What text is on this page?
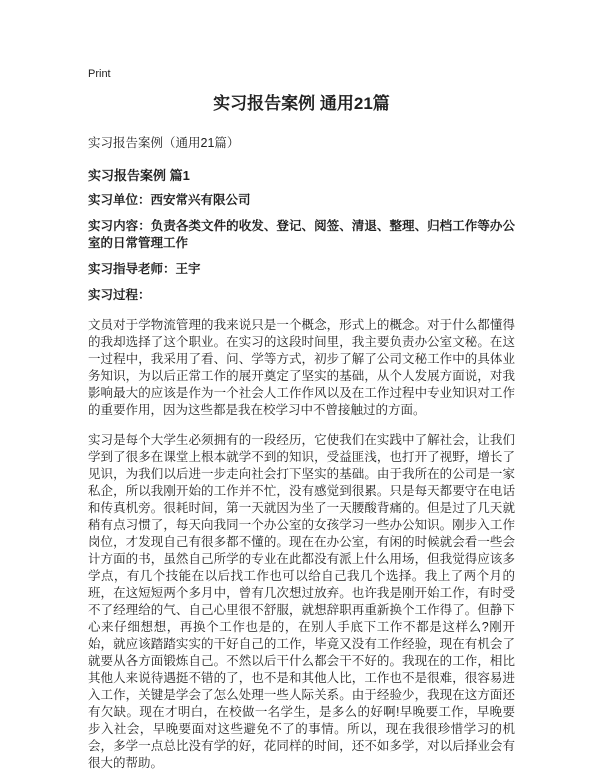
Print
实习报告案例 通用21篇

实习报告案例（通用21篇）

实习报告案例 篇1

实习单位：西安常兴有限公司

实习内容：负责各类文件的收发、登记、阅签、清退、整理、归档工作等办公室的日常管理工作

实习指导老师：王宇

实习过程：

文员对于学物流管理的我来说只是一个概念，形式上的概念。对于什么都懂得的我却选择了这个职业。在实习的这段时间里，我主要负责办公室文秘。在这一过程中，我采用了看、问、学等方式，初步了解了公司文秘工作中的具体业务知识，为以后正常工作的展开奠定了坚实的基础，从个人发展方面说，对我影响最大的应该是作为一个社会人工作作风以及在工作过程中专业知识对工作的重要作用，因为这些都是我在校学习中不曾接触过的方面。

实习是每个大学生必须拥有的一段经历，它使我们在实践中了解社会，让我们学到了很多在课堂上根本就学不到的知识，受益匪浅，也打开了视野，增长了见识，为我们以后进一步走向社会打下坚实的基础。由于我所在的公司是一家私企，所以我刚开始的工作并不忙，没有感觉到很累。只是每天都要守在电话和传真机旁。很耗时间，第一天就因为坐了一天腰酸背痛的。但是过了几天就稍有点习惯了，每天向我同一个办公室的女孩学习一些办公知识。刚步入工作岗位，才发现自己有很多都不懂的。现在在办公室，有闲的时候就会看一些会计方面的书，虽然自己所学的专业在此都没有派上什么用场，但我觉得应该多学点，有几个技能在以后找工作也可以给自己我几个选择。我上了两个月的班，在这短短两个多月中，曾有几次想过放弃。也许我是刚开始工作，有时受不了经理给的气、自己心里很不舒服，就想辞职再重新换个工作得了。但静下心来仔细想想，再换个工作也是的，在别人手底下工作不都是这样么?刚开始，就应该踏踏实实的干好自己的工作，毕竟又没有工作经验，现在有机会了就要从各方面锻炼自己。不然以后干什么都会干不好的。我现在的工作，相比其他人来说待遇挺不错的了，也不是和其他人比，工作也不是很难，很容易进入工作，关键是学会了怎么处理一些人际关系。由于经验少，我现在这方面还有欠缺。现在才明白，在校做一名学生，是多么的好啊!早晚要工作，早晚要步入社会，早晚要面对这些避免不了的事情。所以，现在我很珍惜学习的机会，多学一点总比没有学的好，花同样的时间，还不如多学，对以后择业会有很大的帮助。
